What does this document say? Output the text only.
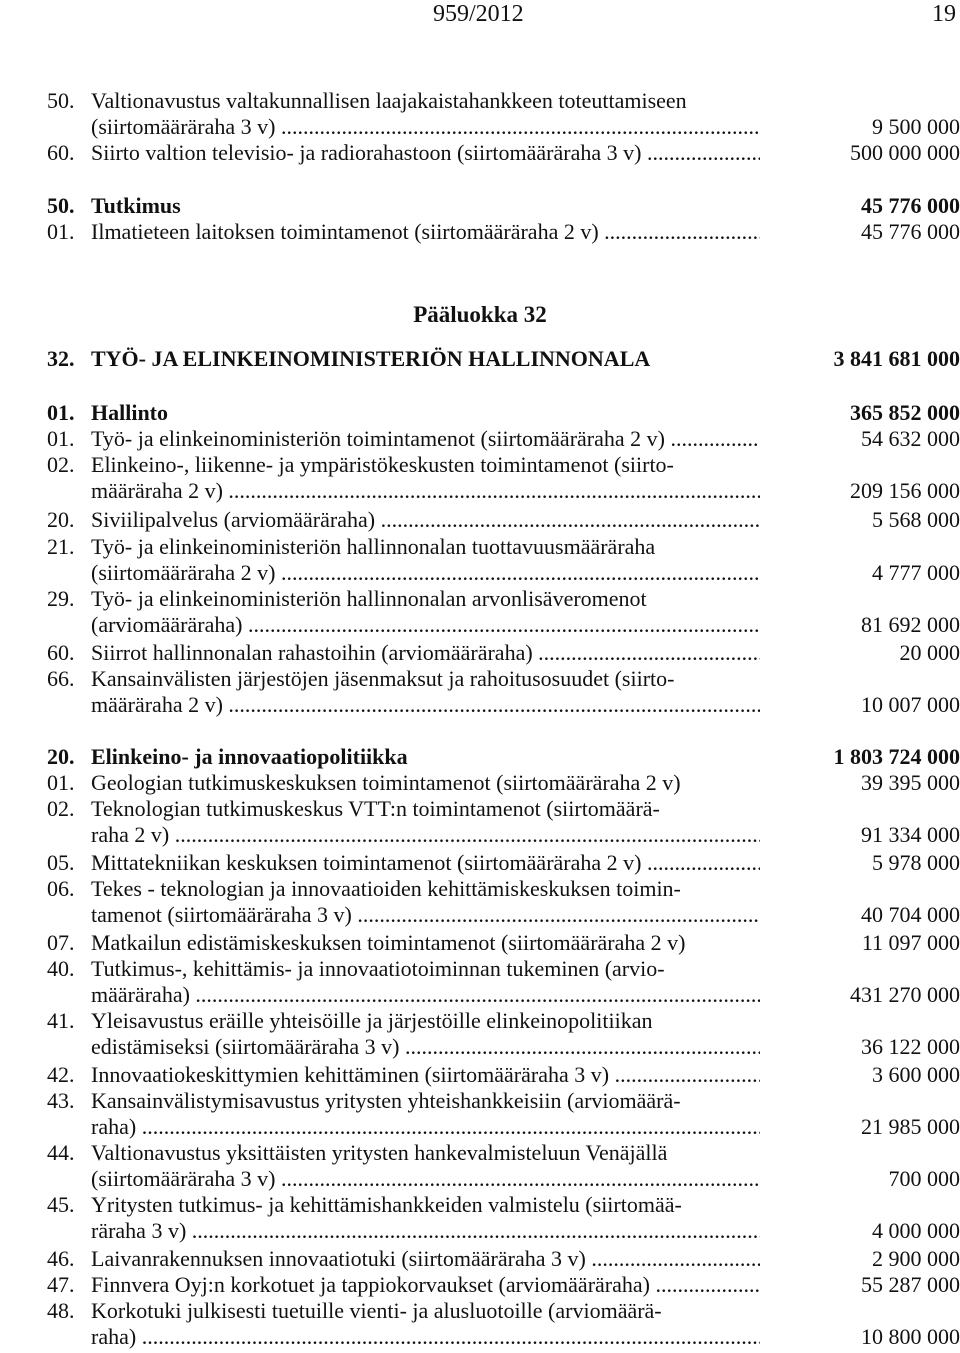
959/2012	19
Pääluokka 32
50. Valtionavustus valtakunnallisen laajakaistahankkeen toteuttamiseen
(siirtomääräraha 3 v) .....	9 500 000
60. Siirto valtion televisio- ja radiorahastoon (siirtomääräraha 3 v) .....	500 000 000
50. Tutkimus	45 776 000
01. Ilmatieteen laitoksen toimintamenot (siirtomääräraha 2 v) .....	45 776 000
32. TYÖ- JA ELINKEINOMINISTERIÖN HALLINNONALA	3 841 681 000
01. Hallinto	365 852 000
01. Työ- ja elinkeinoministeriön toimintamenot (siirtomääräraha 2 v) .....	54 632 000
02. Elinkeino-, liikenne- ja ympäristökeskusten toimintamenot (siirto-
määräraha 2 v) .....	209 156 000
20. Siviilipalvelus (arviomääräraha) .....	5 568 000
21. Työ- ja elinkeinoministeriön hallinnonalan tuottavuusmääräraha
(siirtomääräraha 2 v) .....	4 777 000
29. Työ- ja elinkeinoministeriön hallinnonalan arvonlisäveromenot
(arviomääräraha) .....	81 692 000
60. Siirrot hallinnonalan rahastoihin (arviomääräraha) .....	20 000
66. Kansainvälisten järjestöjen jäsenmaksut ja rahoitusosuudet (siirto-
määräraha 2 v) .....	10 007 000
20. Elinkeino- ja innovaatiopolitiikka	1 803 724 000
01. Geologian tutkimuskeskuksen toimintamenot (siirtomääräraha 2 v)	39 395 000
02. Teknologian tutkimuskeskus VTT:n toimintamenot (siirtomäärä-
raha 2 v) .....	91 334 000
05. Mittatekniikan keskuksen toimintamenot (siirtomääräraha 2 v) .....	5 978 000
06. Tekes - teknologian ja innovaatioiden kehittämiskeskuksen toimin-
tamenot (siirtomääräraha 3 v) .....	40 704 000
07. Matkailun edistämiskeskuksen toimintamenot (siirtomääräraha 2 v)	11 097 000
40. Tutkimus-, kehittämis- ja innovaatiotoiminnan tukeminen (arvio-
määräraha) .....	431 270 000
41. Yleisavustus eräille yhteisöille ja järjestöille elinkeinopolitiikan
edistämiseksi (siirtomääräraha 3 v) .....	36 122 000
42. Innovaatiokeskittymien kehittäminen (siirtomääräraha 3 v) .....	3 600 000
43. Kansainvälistymisavustus yritysten yhteishankkeisiin (arviomäärä-
raha) .....	21 985 000
44. Valtionavustus yksittäisten yritysten hankevalmisteluun Venäjällä
(siirtomääräraha 3 v) .....	700 000
45. Yritysten tutkimus- ja kehittämishankkeiden valmistelu (siirtomää-
räraha 3 v) .....	4 000 000
46. Laivanrakennuksen innovaatiotuki (siirtomääräraha 3 v) .....	2 900 000
47. Finnvera Oyj:n korkotuet ja tappiokorvaukset (arviomääräraha) .....	55 287 000
48. Korkotuki julkisesti tuetuille vienti- ja alusluotoille (arviomäärä-
raha) .....	10 800 000
